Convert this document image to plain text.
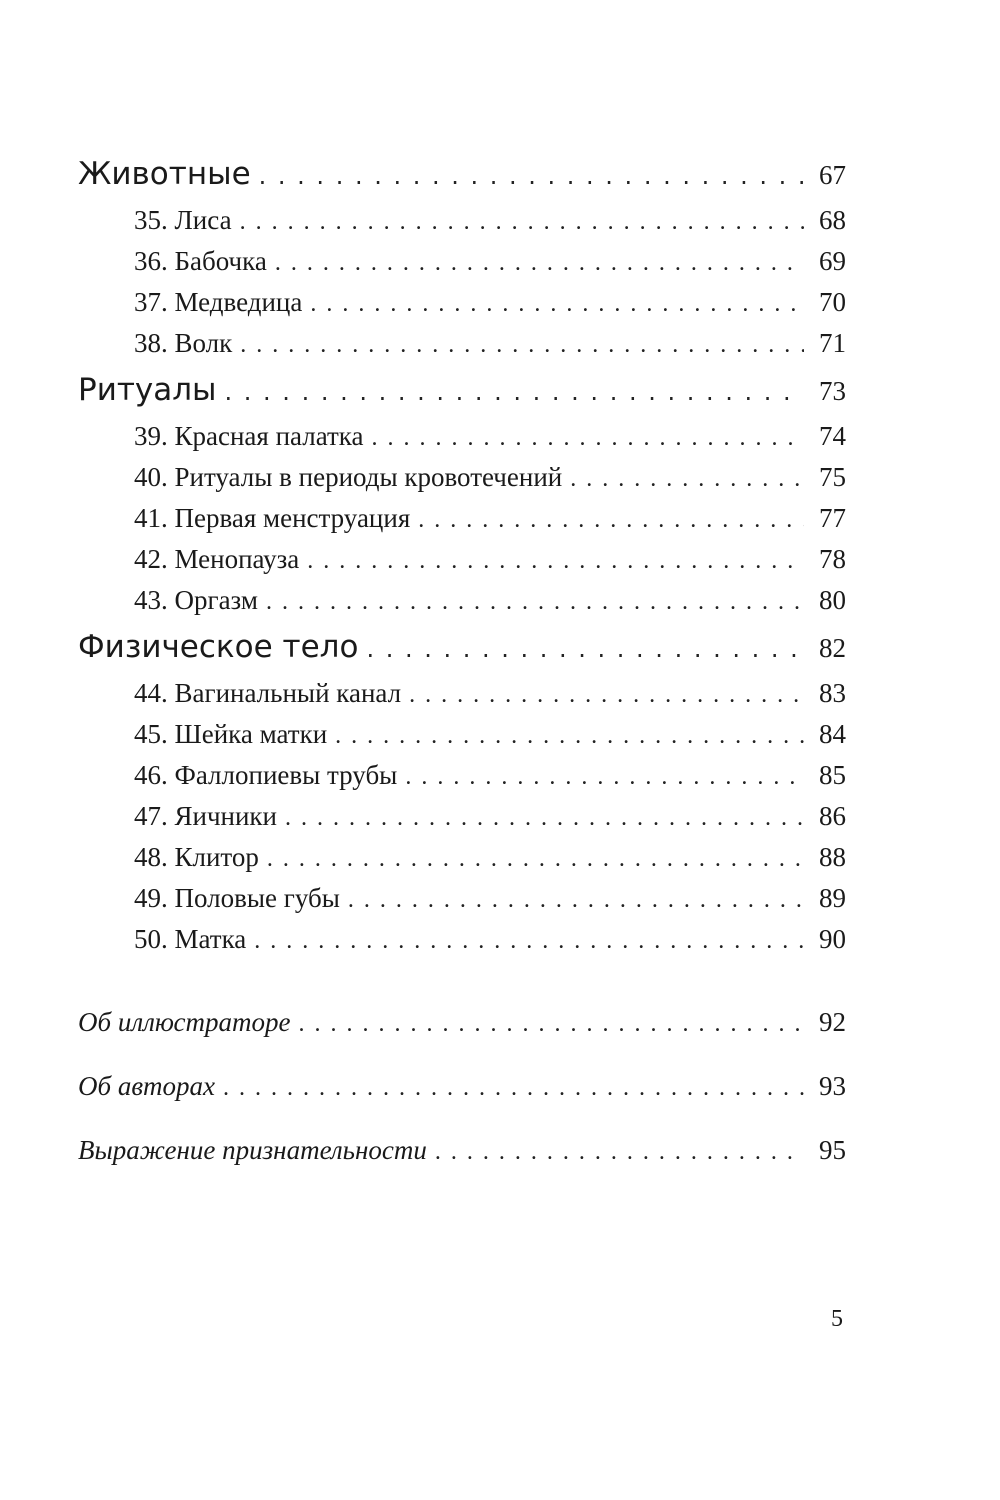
Животные . . .	67
35. Лиса . . .	68
36. Бабочка . . .	69
37. Медведица . . .	70
38. Волк . . .	71
Ритуалы . . .	73
39. Красная палатка . . .	74
40. Ритуалы в периоды кровотечений . . .	75
41. Первая менструация . . .	77
42. Менопауза . . .	78
43. Оргазм . . .	80
Физическое тело . . .	82
44. Вагинальный канал . . .	83
45. Шейка матки . . .	84
46. Фаллопиевы трубы . . .	85
47. Яичники . . .	86
48. Клитор . . .	88
49. Половые губы . . .	89
50. Матка . . .	90
Об иллюстраторе . . .	92
Об авторах . . .	93
Выражение признательности . . .	95
5
